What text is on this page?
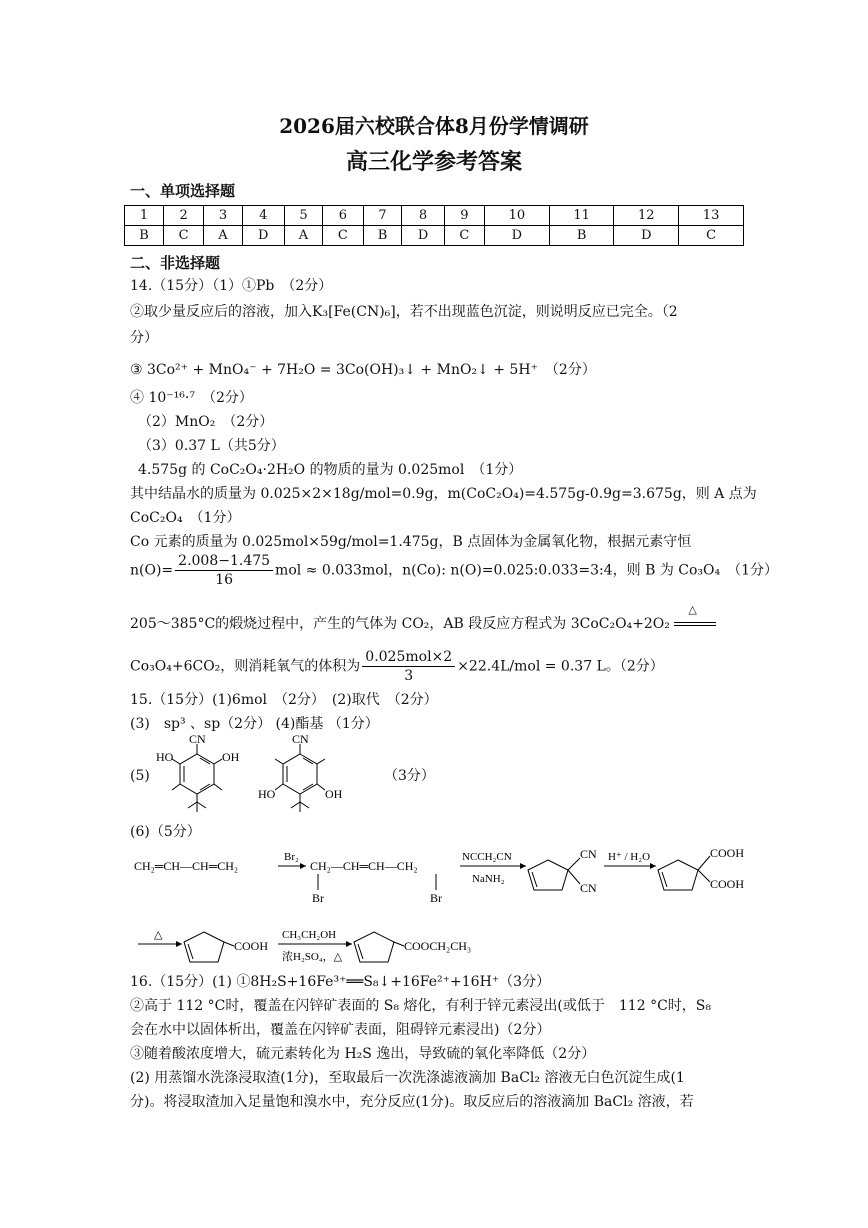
2026届六校联合体8月份学情调研
高三化学参考答案
一、单项选择题
1	2	3	4	5	6	7	8	9	10	11	12	13
B	C	A	D	A	C	B	D	C	D	B	D	C
二、非选择题
14.（15分）（1）①Pb　（2分）
②取少量反应后的溶液，加入K₃[Fe(CN)₆]，若不出现蓝色沉淀，则说明反应已完全。（2
分）
③ 3Co²⁺ + MnO₄⁻ + 7H₂O = 3Co(OH)₃↓ + MnO₂↓ + 5H⁺　（2分）
④ 10⁻¹⁶·⁷　（2分）
（2）MnO₂　（2分）
（3）0.37 L（共5分）
4.575g 的 CoC₂O₄·2H₂O 的物质的量为 0.025mol　（1分）
其中结晶水的质量为 0.025×2×18g/mol=0.9g，m(CoC₂O₄)=4.575g-0.9g=3.675g，则 A 点为
CoC₂O₄　（1分）
Co 元素的质量为 0.025mol×59g/mol=1.475g，B 点固体为金属氧化物，根据元素守恒
$n(O)= \frac{2.008-1.475}{16}$ mol ≈ 0.033mol，n(Co): n(O)=0.025:0.033=3:4，则 B 为 Co₃O₄　（1分）
205～385°C的煅烧过程中，产生的气体为 CO₂，AB 段反应方程式为 3CoC₂O₄+2O₂
△
Co₃O₄+6CO₂，则消耗氧气的体积为 $\frac{\text{0.025mol×2}}{3} \times 22.4L/mol = 0.37$ L。（2分）
15.（15分）(1)6mol　（2分）　(2)取代　（2分）
(3)　sp³ 、sp（2分） (4)酯基 （1分）
(5)	（3分）
CN
HO	OH
CN
HO	OH
(6)（5分）
CH₂═CH—CH═CH₂
Br₂
CH₂—CH═CH—CH₂
Br	Br
NCCH₂CN
NaNH₂
CN
CN
H⁺ / H₂O	COOH
COOH
△
COOH
CH₃CH₂OH
浓H₂SO₄，△
COOCH₂CH₃
16.（15分）(1) ①8H₂S+16Fe³⁺══S₈↓+16Fe²⁺+16H⁺（3分）
②高于 112 °C时，覆盖在闪锌矿表面的 S₈ 熔化，有利于锌元素浸出(或低于　112 °C时，S₈
会在水中以固体析出，覆盖在闪锌矿表面，阻碍锌元素浸出)（2分）
③随着酸浓度增大，硫元素转化为 H₂S 逸出，导致硫的氧化率降低（2分）
(2) 用蒸馏水洗涤浸取渣(1分)，至取最后一次洗涤滤液滴加 BaCl₂ 溶液无白色沉淀生成(1
分)。将浸取渣加入足量饱和溴水中，充分反应(1分)。取反应后的溶液滴加 BaCl₂ 溶液，若
